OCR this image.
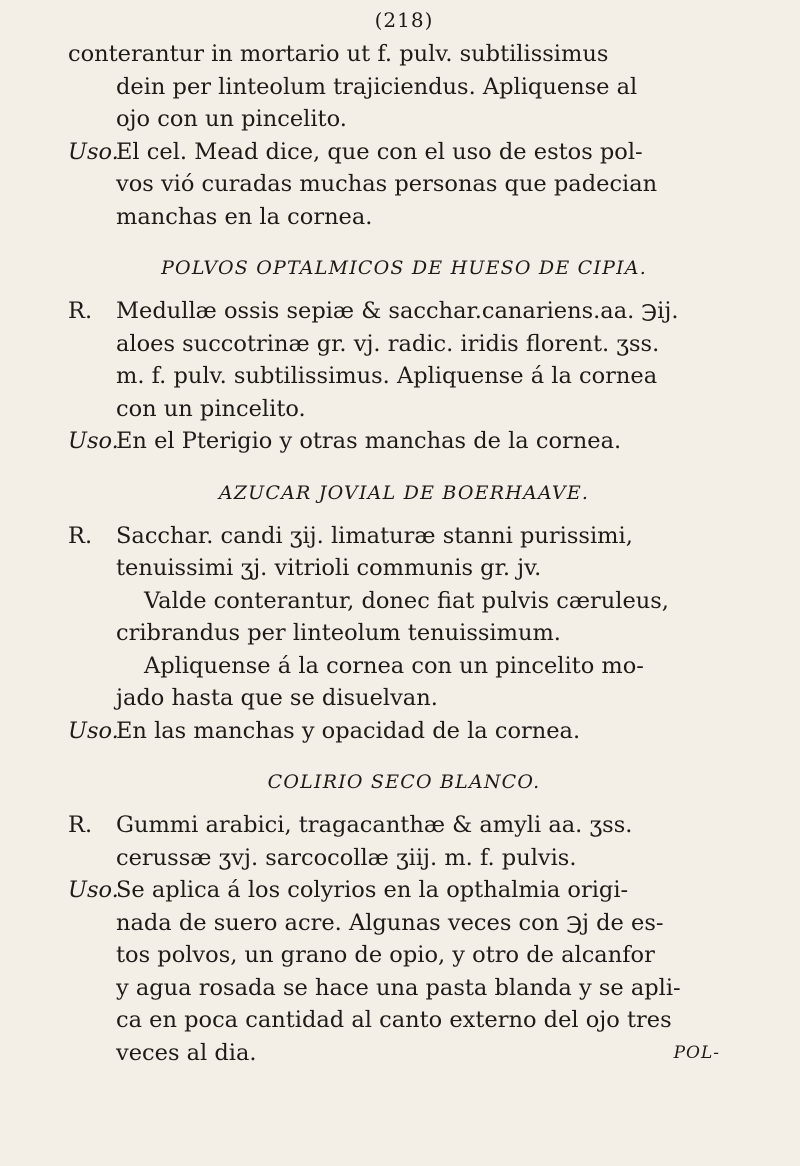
(218)

conterantur in mortario ut f. pulv. subtilissimus

dein per linteolum trajiciendus. Apliquense al

ojo con un pincelito.

Uso.El cel. Mead dice, que con el uso de estos pol-

vos vió curadas muchas personas que padecian

manchas en la cornea.

POLVOS OPTALMICOS DE HUESO DE CIPIA.

R. Medullæ ossis sepiæ & sacchar.canariens.aa. ℈ij.

aloes succotrinæ gr. vj. radic. iridis florent. ʒss.

m. f. pulv. subtilissimus. Apliquense á la cornea

con un pincelito.

Uso.En el Pterigio y otras manchas de la cornea.

AZUCAR JOVIAL DE BOERHAAVE.

R. Sacchar. candi ʒij. limaturæ stanni purissimi,

tenuissimi ʒj. vitrioli communis gr. jv.

Valde conterantur, donec fiat pulvis cæruleus,

cribrandus per linteolum tenuissimum.

Apliquense á la cornea con un pincelito mo-

jado hasta que se disuelvan.

Uso.En las manchas y opacidad de la cornea.

COLIRIO SECO BLANCO.

R. Gummi arabici, tragacanthæ & amyli aa. ʒss.

cerussæ ʒvj. sarcocollæ ʒiij. m. f. pulvis.

Uso.Se aplica á los colyrios en la opthalmia origi-

nada de suero acre. Algunas veces con ℈j de es-

tos polvos, un grano de opio, y otro de alcanfor

y agua rosada se hace una pasta blanda y se apli-

ca en poca cantidad al canto externo del ojo tres

veces al dia.	POL-
